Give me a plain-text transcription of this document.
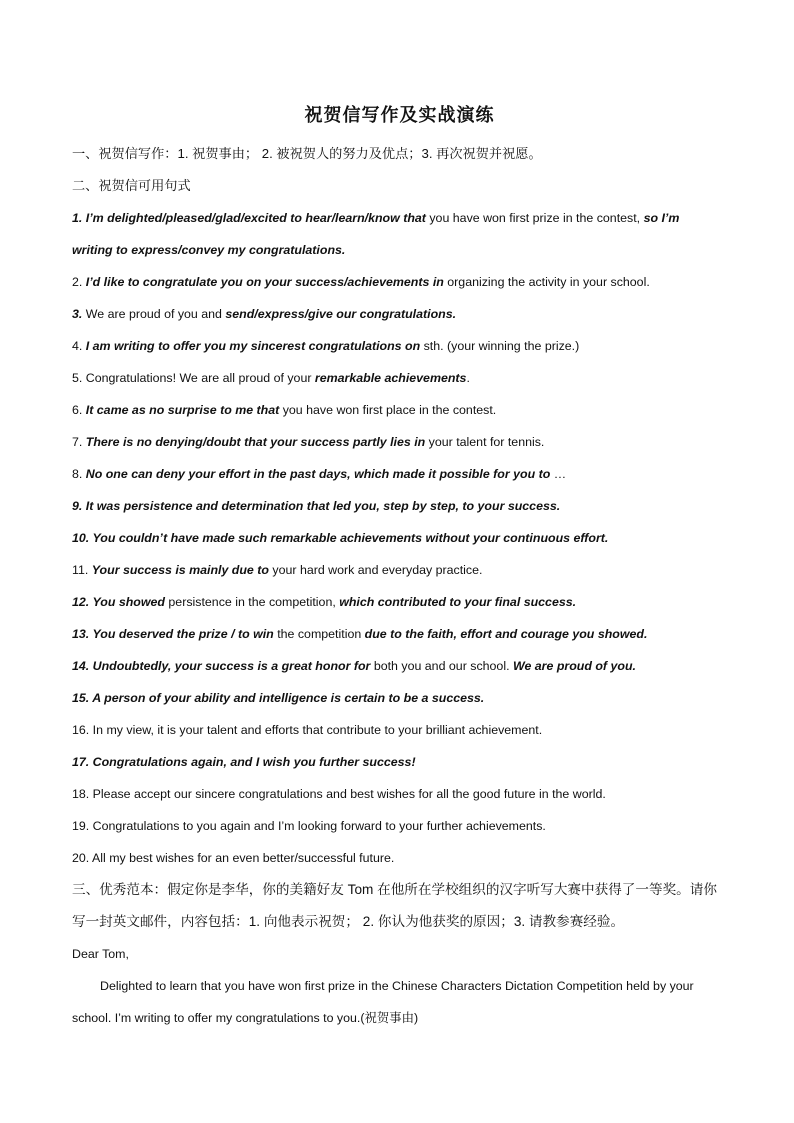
祝贺信写作及实战演练
一、祝贺信写作：1. 祝贺事由； 2. 被祝贺人的努力及优点；3. 再次祝贺并祝愿。
二、祝贺信可用句式
1. I’m delighted/pleased/glad/excited to hear/learn/know that you have won first prize in the contest, so I’m
writing to express/convey my congratulations.
2. I’d like to congratulate you on your success/achievements in organizing the activity in your school.
3. We are proud of you and send/express/give our congratulations.
4. I am writing to offer you my sincerest congratulations on sth. (your winning the prize.)
5. Congratulations! We are all proud of your remarkable achievements.
6. It came as no surprise to me that you have won first place in the contest.
7. There is no denying/doubt that your success partly lies in your talent for tennis.
8. No one can deny your effort in the past days, which made it possible for you to …
9. It was persistence and determination that led you, step by step, to your success.
10. You couldn’t have made such remarkable achievements without your continuous effort.
11. Your success is mainly due to your hard work and everyday practice.
12. You showed persistence in the competition, which contributed to your final success.
13. You deserved the prize / to win the competition due to the faith, effort and courage you showed.
14. Undoubtedly, your success is a great honor for both you and our school. We are proud of you.
15. A person of your ability and intelligence is certain to be a success.
16. In my view, it is your talent and efforts that contribute to your brilliant achievement.
17. Congratulations again, and I wish you further success!
18. Please accept our sincere congratulations and best wishes for all the good future in the world.
19. Congratulations to you again and I’m looking forward to your further achievements.
20. All my best wishes for an even better/successful future.
三、优秀范本：假定你是李华，你的美籍好友 Tom 在他所在学校组织的汉字听写大赛中获得了一等奖。请你写一封英文邮件，内容包括：1. 向他表示祝贺； 2. 你认为他获奖的原因；3. 请教参赛经验。
Dear Tom,
Delighted to learn that you have won first prize in the Chinese Characters Dictation Competition held by your school. I’m writing to offer my congratulations to you.(祝贺事由)
